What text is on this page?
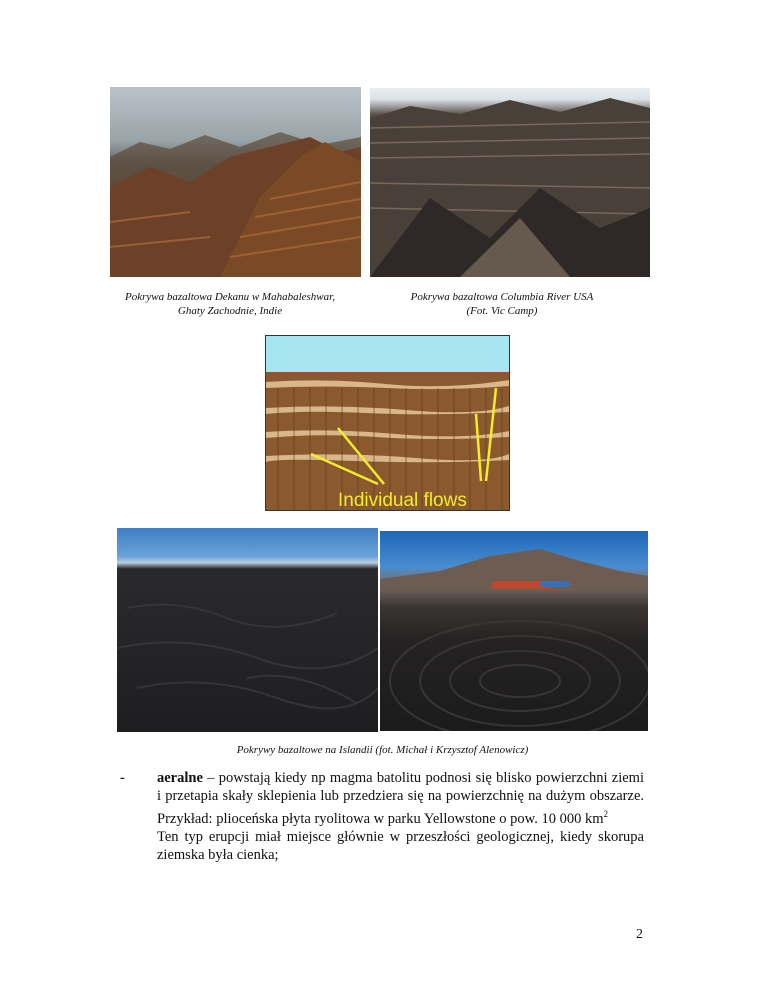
Pokrywa bazaltowa Dekanu w Mahabaleshwar,
Ghaty Zachodnie, Indie
Pokrywa bazaltowa Columbia River USA
(Fot. Vic Camp)
Individual flows
Pokrywy bazaltowe na Islandii (fot. Michał i Krzysztof Alenowicz)
- aeralne – powstają kiedy np magma batolitu podnosi się blisko powierzchni ziemi i przetapia skały sklepienia lub przedziera się na powierzchnię na dużym obszarze. Przykład: plioceńska płyta ryolitowa w parku Yellowstone o pow. 10 000 $km^2$
Ten typ erupcji miał miejsce głównie w przeszłości geologicznej, kiedy skorupa ziemska była cienka;
2
